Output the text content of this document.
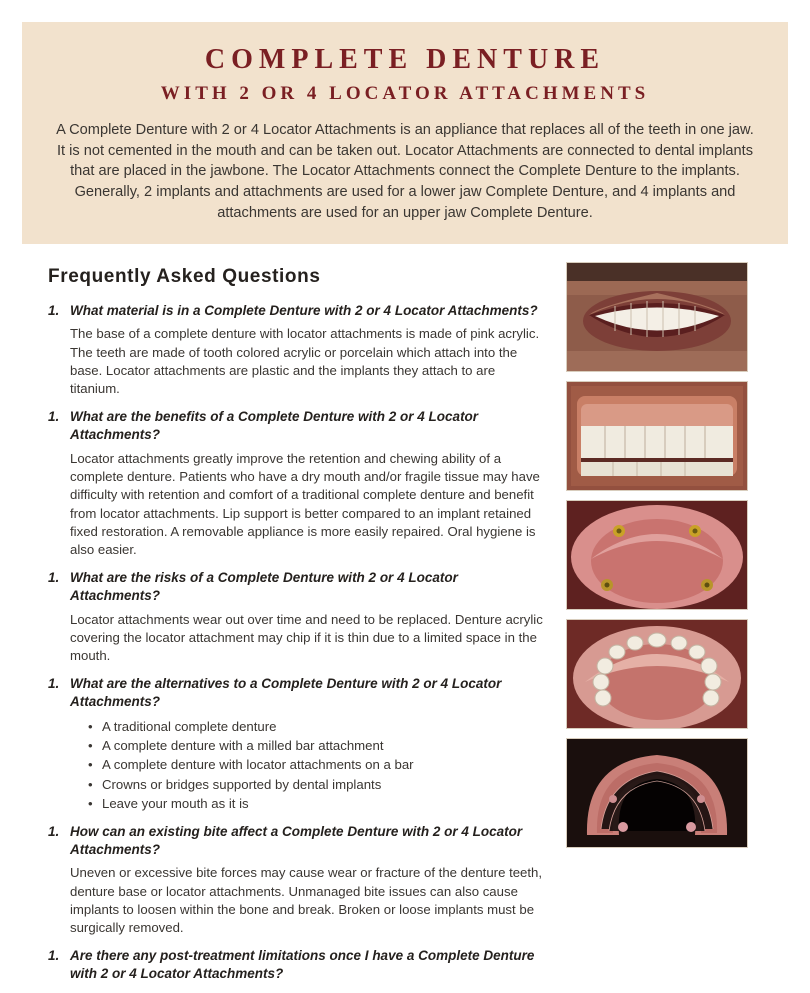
COMPLETE DENTURE
WITH 2 OR 4 LOCATOR ATTACHMENTS
A Complete Denture with 2 or 4 Locator Attachments is an appliance that replaces all of the teeth in one jaw. It is not cemented in the mouth and can be taken out. Locator Attachments are connected to dental implants that are placed in the jawbone. The Locator Attachments connect the Complete Denture to the implants. Generally, 2 implants and attachments are used for a lower jaw Complete Denture, and 4 implants and attachments are used for an upper jaw Complete Denture.
Frequently Asked Questions
1. What material is in a Complete Denture with 2 or 4 Locator Attachments?
The base of a complete denture with locator attachments is made of pink acrylic. The teeth are made of tooth colored acrylic or porcelain which attach into the base. Locator attachments are plastic and the implants they attach to are titanium.
1. What are the benefits of a Complete Denture with 2 or 4 Locator Attachments?
Locator attachments greatly improve the retention and chewing ability of a complete denture. Patients who have a dry mouth and/or fragile tissue may have difficulty with retention and comfort of a traditional complete denture and benefit from locator attachments. Lip support is better compared to an implant retained fixed restoration. A removable appliance is more easily repaired. Oral hygiene is also easier.
1. What are the risks of a Complete Denture with 2 or 4 Locator Attachments?
Locator attachments wear out over time and need to be replaced. Denture acrylic covering the locator attachment may chip if it is thin due to a limited space in the mouth.
1. What are the alternatives to a Complete Denture with 2 or 4 Locator Attachments?
• A traditional complete denture
• A complete denture with a milled bar attachment
• A complete denture with locator attachments on a bar
• Crowns or bridges supported by dental implants
• Leave your mouth as it is
1. How can an existing bite affect a Complete Denture with 2 or 4 Locator Attachments?
Uneven or excessive bite forces may cause wear or fracture of the denture teeth, denture base or locator attachments. Unmanaged bite issues can also cause implants to loosen within the bone and break. Broken or loose implants must be surgically removed.
1. Are there any post-treatment limitations once I have a Complete Denture with 2 or 4 Locator Attachments?
